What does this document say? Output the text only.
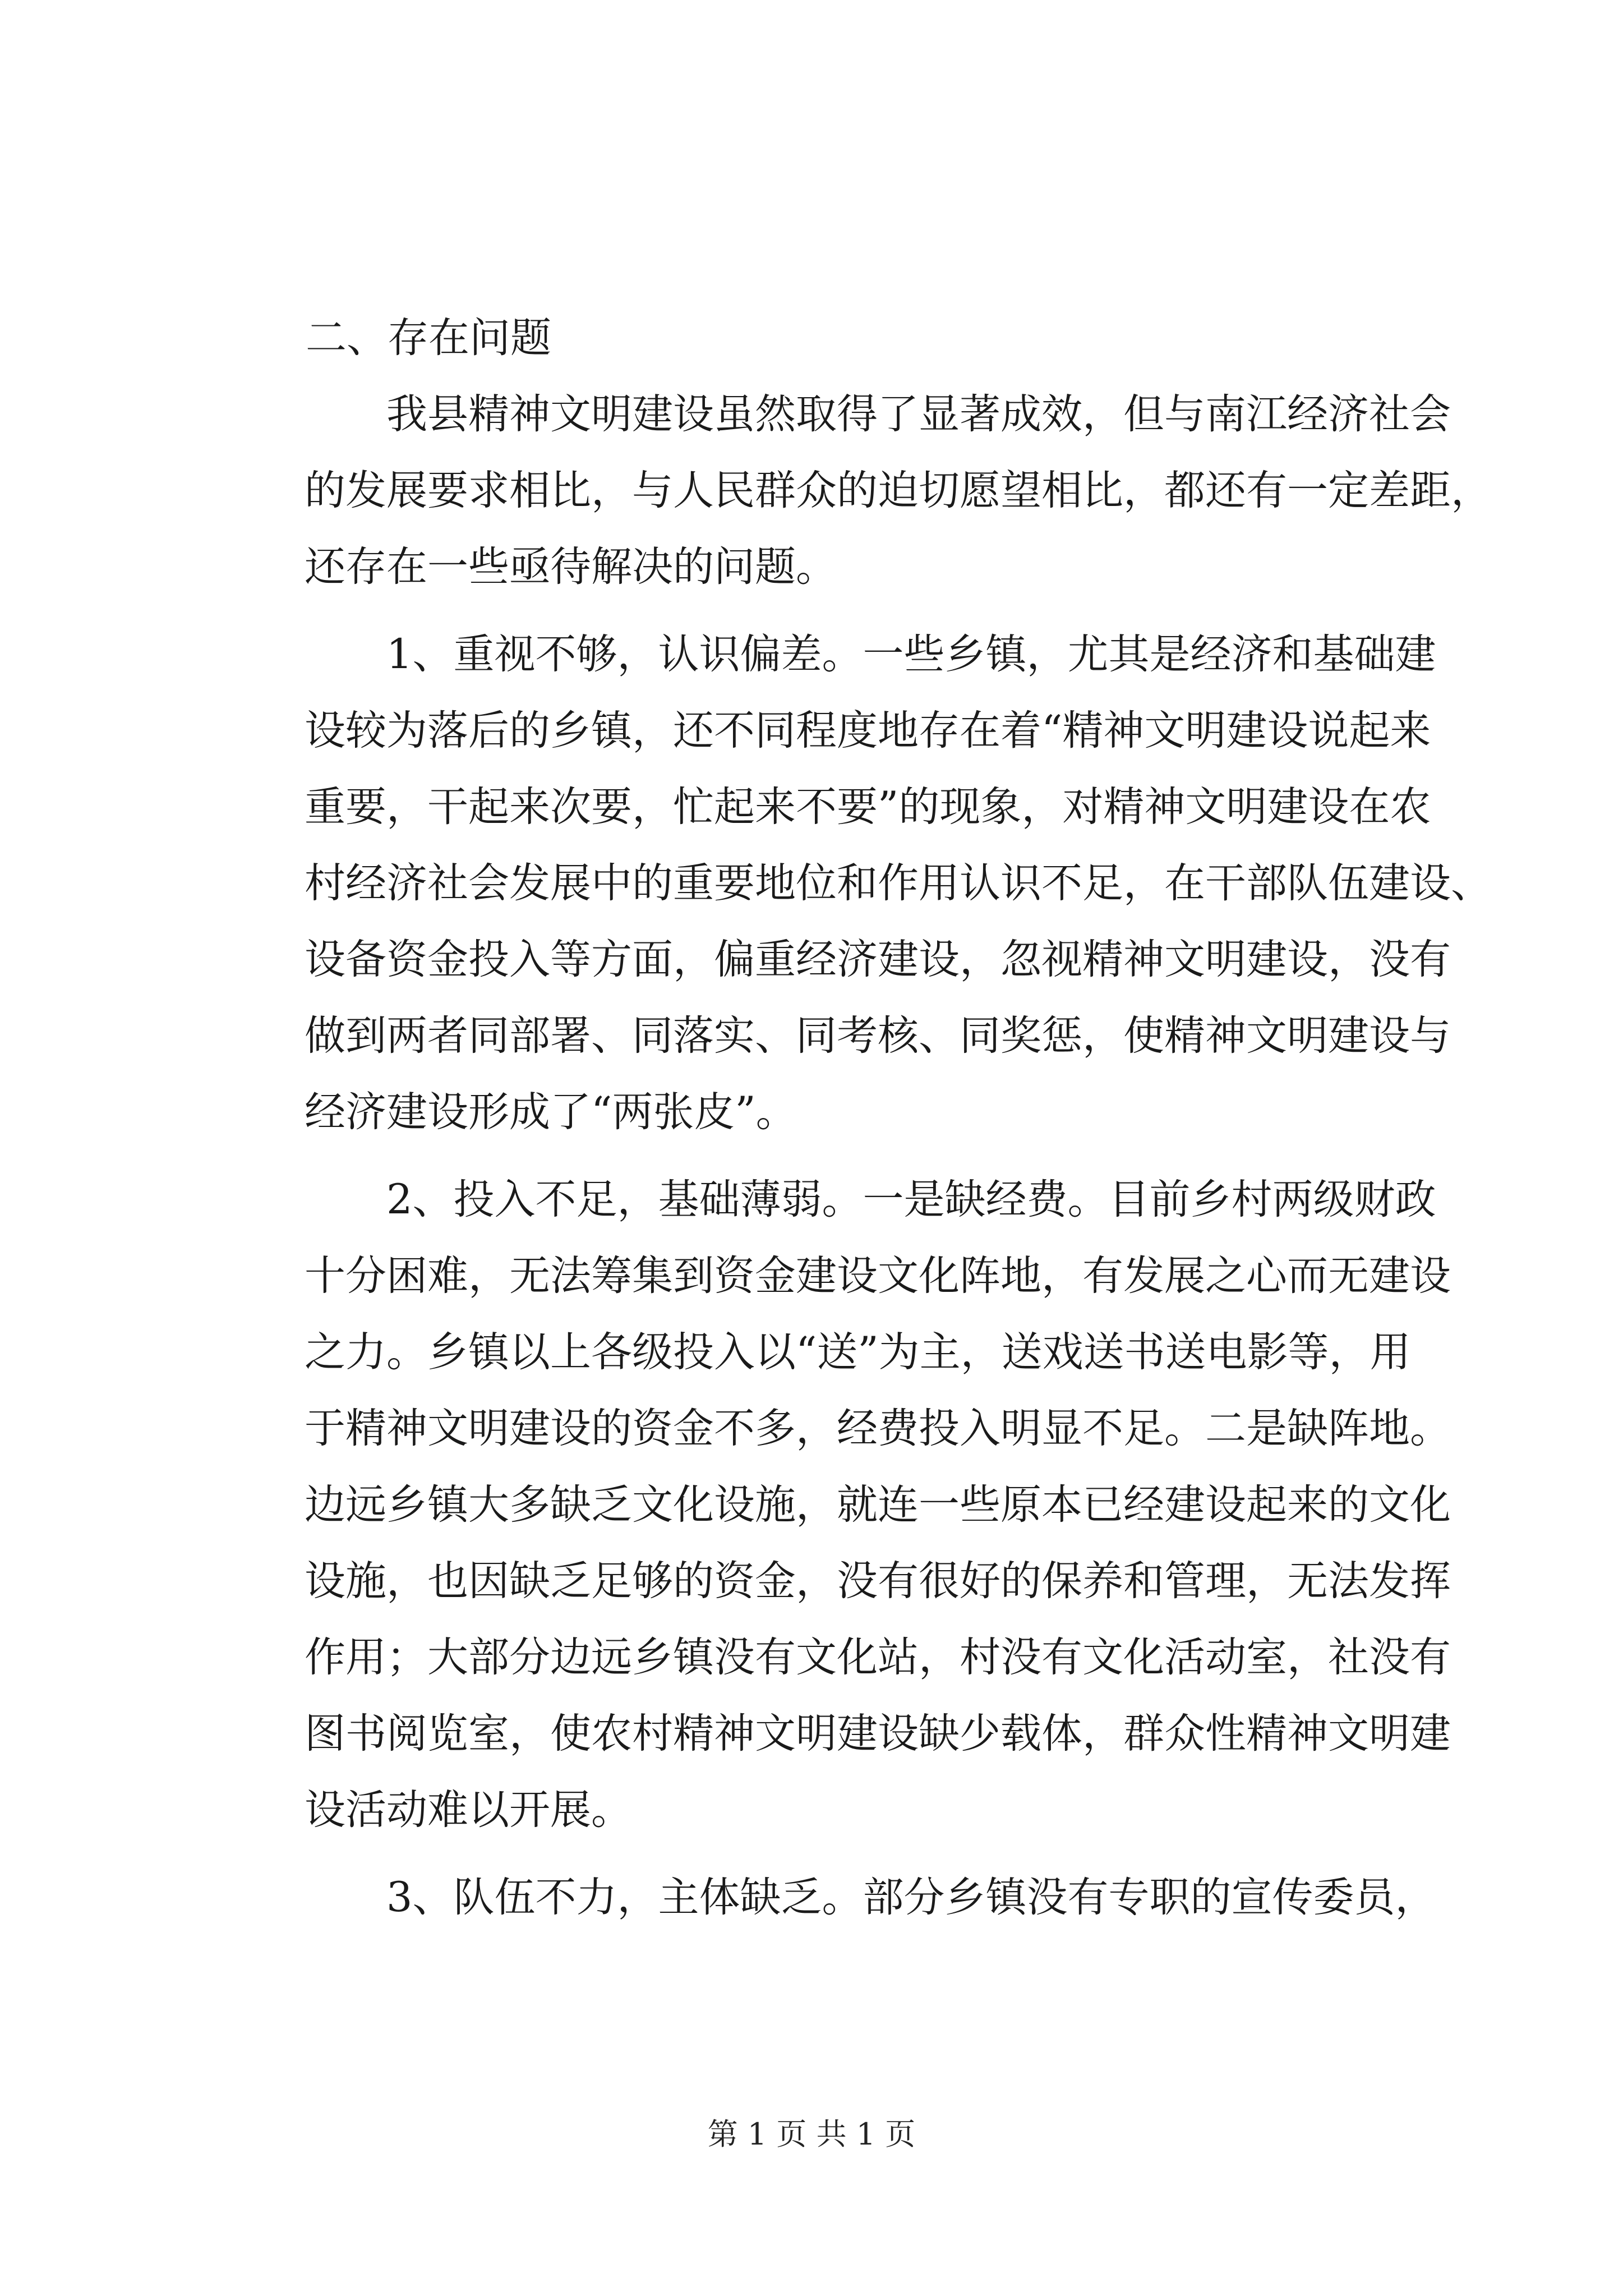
二、存在问题
我县精神文明建设虽然取得了显著成效，但与南江经济社会
的发展要求相比，与人民群众的迫切愿望相比，都还有一定差距，
还存在一些亟待解决的问题。
1、重视不够，认识偏差。一些乡镇，尤其是经济和基础建
设较为落后的乡镇，还不同程度地存在着“精神文明建设说起来
重要，干起来次要，忙起来不要”的现象，对精神文明建设在农
村经济社会发展中的重要地位和作用认识不足，在干部队伍建设、
设备资金投入等方面，偏重经济建设，忽视精神文明建设，没有
做到两者同部署、同落实、同考核、同奖惩，使精神文明建设与
经济建设形成了“两张皮”。
2、投入不足，基础薄弱。一是缺经费。目前乡村两级财政
十分困难，无法筹集到资金建设文化阵地，有发展之心而无建设
之力。乡镇以上各级投入以“送”为主，送戏送书送电影等，用
于精神文明建设的资金不多，经费投入明显不足。二是缺阵地。
边远乡镇大多缺乏文化设施，就连一些原本已经建设起来的文化
设施，也因缺乏足够的资金，没有很好的保养和管理，无法发挥
作用；大部分边远乡镇没有文化站，村没有文化活动室，社没有
图书阅览室，使农村精神文明建设缺少载体，群众性精神文明建
设活动难以开展。
3、队伍不力，主体缺乏。部分乡镇没有专职的宣传委员，
第 1 页 共 1 页
